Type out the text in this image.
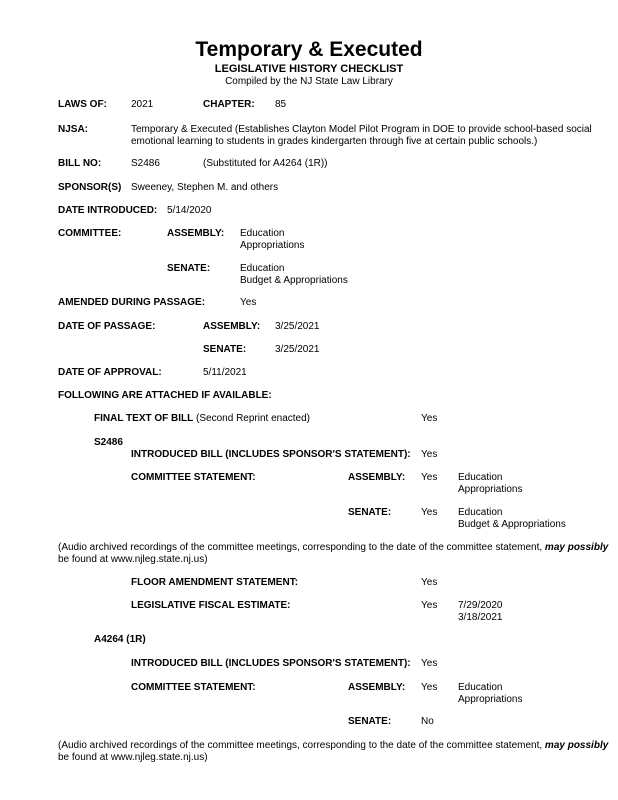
Temporary & Executed
LEGISLATIVE HISTORY CHECKLIST
Compiled by the NJ State Law Library
LAWS OF: 2021	CHAPTER: 85
NJSA:	Temporary & Executed (Establishes Clayton Model Pilot Program in DOE to provide school-based social
emotional learning to students in grades kindergarten through five at certain public schools.)
BILL NO:	S2486	(Substituted for A4264 (1R))
SPONSOR(S) Sweeney, Stephen M. and others
DATE INTRODUCED: 5/14/2020
COMMITTEE:	ASSEMBLY: Education
Appropriations
SENATE:	Education
Budget & Appropriations
AMENDED DURING PASSAGE:	Yes
DATE OF PASSAGE:	ASSEMBLY: 3/25/2021
SENATE:	3/25/2021
DATE OF APPROVAL:	5/11/2021
FOLLOWING ARE ATTACHED IF AVAILABLE:
FINAL TEXT OF BILL (Second Reprint enacted)	Yes
S2486
INTRODUCED BILL (INCLUDES SPONSOR'S STATEMENT): Yes
COMMITTEE STATEMENT:	ASSEMBLY: Yes Education
Appropriations
SENATE:	Yes Education
Budget & Appropriations
(Audio archived recordings of the committee meetings, corresponding to the date of the committee statement, may possibly
be found at www.njleg.state.nj.us)
FLOOR AMENDMENT STATEMENT:	Yes
LEGISLATIVE FISCAL ESTIMATE:	Yes 7/29/2020
3/18/2021
A4264 (1R)
INTRODUCED BILL (INCLUDES SPONSOR'S STATEMENT): Yes
COMMITTEE STATEMENT:	ASSEMBLY: Yes Education
Appropriations
SENATE:	No
(Audio archived recordings of the committee meetings, corresponding to the date of the committee statement, may possibly
be found at www.njleg.state.nj.us)
